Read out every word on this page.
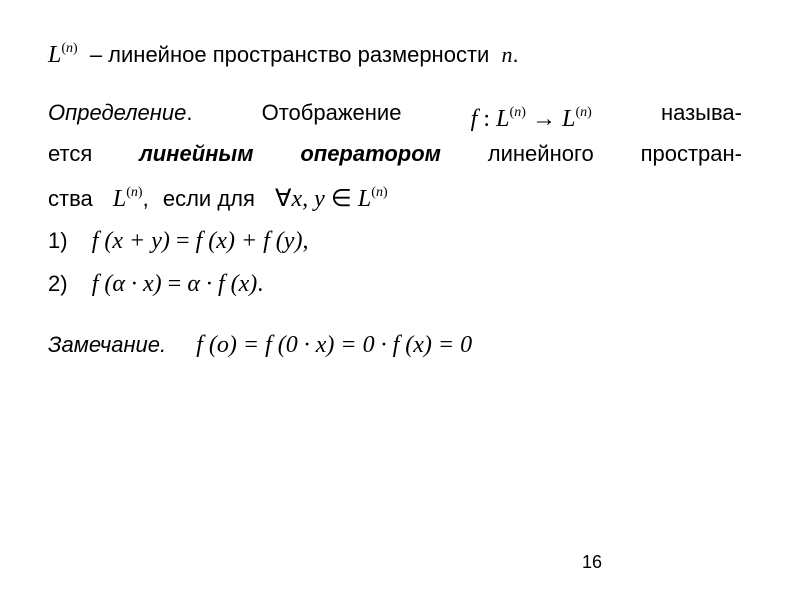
$L^{(n)}$ – линейное пространство размерности n.
Определение.	Отображение	f : $L^{(n)} \to L^{(n)}$	называ-
ется линейным оператором линейного простран-
ства $L^{(n)}$, если для ∀x, y ∈ $L^{(n)}$
1) f (x + y) = f (x) + f (y),
2) f (α · x) = α · f (x).
Замечание. f (o) = f (0 · x) = 0 · f (x) = 0
16
